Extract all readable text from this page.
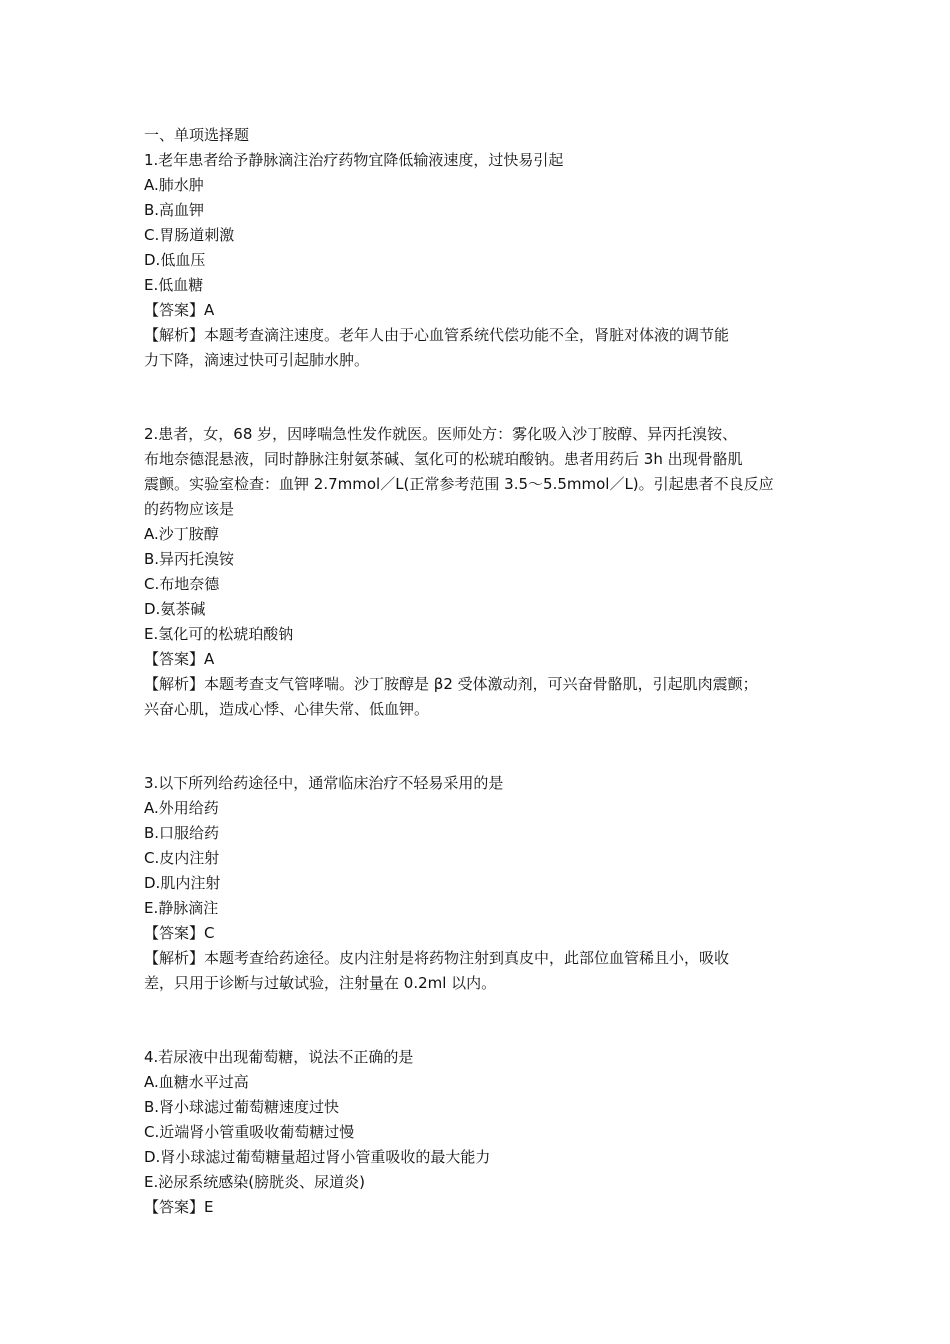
一、单项选择题
1.老年患者给予静脉滴注治疗药物宜降低输液速度，过快易引起
A.肺水肿
B.高血钾
C.胃肠道刺激
D.低血压
E.低血糖
【答案】A
【解析】本题考查滴注速度。老年人由于心血管系统代偿功能不全，肾脏对体液的调节能
力下降，滴速过快可引起肺水肿。
2.患者，女，68 岁，因哮喘急性发作就医。医师处方：雾化吸入沙丁胺醇、异丙托溴铵、
布地奈德混悬液，同时静脉注射氨茶碱、氢化可的松琥珀酸钠。患者用药后 3h 出现骨骼肌
震颤。实验室检查：血钾 2.7mmol／L(正常参考范围 3.5～5.5mmol／L)。引起患者不良反应
的药物应该是
A.沙丁胺醇
B.异丙托溴铵
C.布地奈德
D.氨茶碱
E.氢化可的松琥珀酸钠
【答案】A
【解析】本题考查支气管哮喘。沙丁胺醇是 β2 受体激动剂，可兴奋骨骼肌，引起肌肉震颤；
兴奋心肌，造成心悸、心律失常、低血钾。
3.以下所列给药途径中，通常临床治疗不轻易采用的是
A.外用给药
B.口服给药
C.皮内注射
D.肌内注射
E.静脉滴注
【答案】C
【解析】本题考查给药途径。皮内注射是将药物注射到真皮中，此部位血管稀且小，吸收
差，只用于诊断与过敏试验，注射量在 0.2ml 以内。
4.若尿液中出现葡萄糖，说法不正确的是
A.血糖水平过高
B.肾小球滤过葡萄糖速度过快
C.近端肾小管重吸收葡萄糖过慢
D.肾小球滤过葡萄糖量超过肾小管重吸收的最大能力
E.泌尿系统感染(膀胱炎、尿道炎)
【答案】E
